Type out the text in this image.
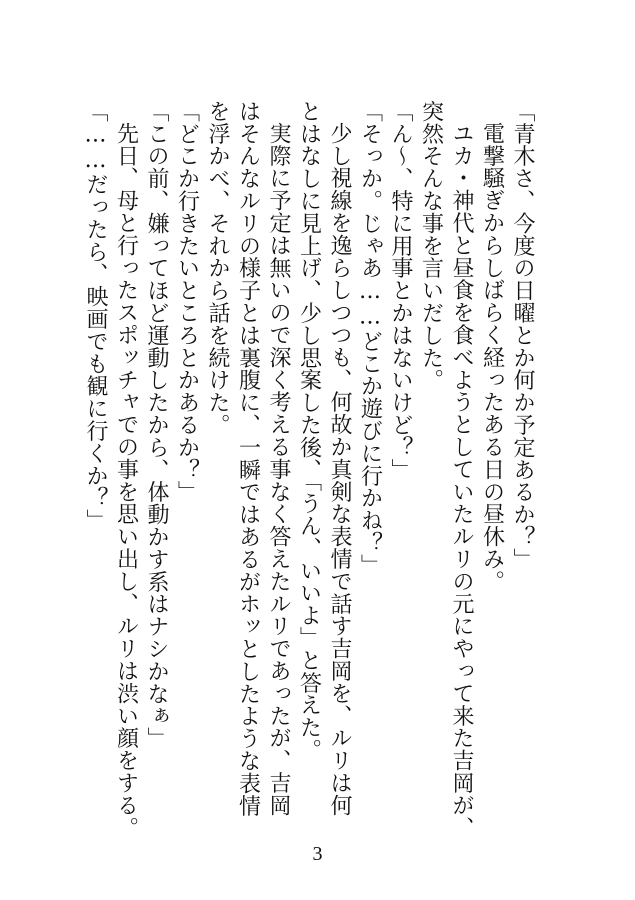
「青木さ、今度の日曜とか何か予定あるか？」
電撃騒ぎからしばらく経ったある日の昼休み。
ユカ・神代と昼食を食べようとしていたルリの元にやって来た吉岡が、
突然そんな事を言いだした。
「ん～、特に用事とかはないけど？」
「そっか。じゃあ……どこか遊びに行かね？」
少し視線を逸らしつつも、何故か真剣な表情で話す吉岡を、ルリは何
とはなしに見上げ、少し思案した後、「うん、いいよ」と答えた。
実際に予定は無いので深く考える事なく答えたルリであったが、吉岡
はそんなルリの様子とは裏腹に、一瞬ではあるがホッとしたような表情
を浮かべ、それから話を続けた。
「どこか行きたいところとかあるか？」
「この前、嫌ってほど運動したから、体動かす系はナシかなぁ」
先日、母と行ったスポッチャでの事を思い出し、ルリは渋い顔をする。
「……だったら、映画でも観に行くか？」
3
